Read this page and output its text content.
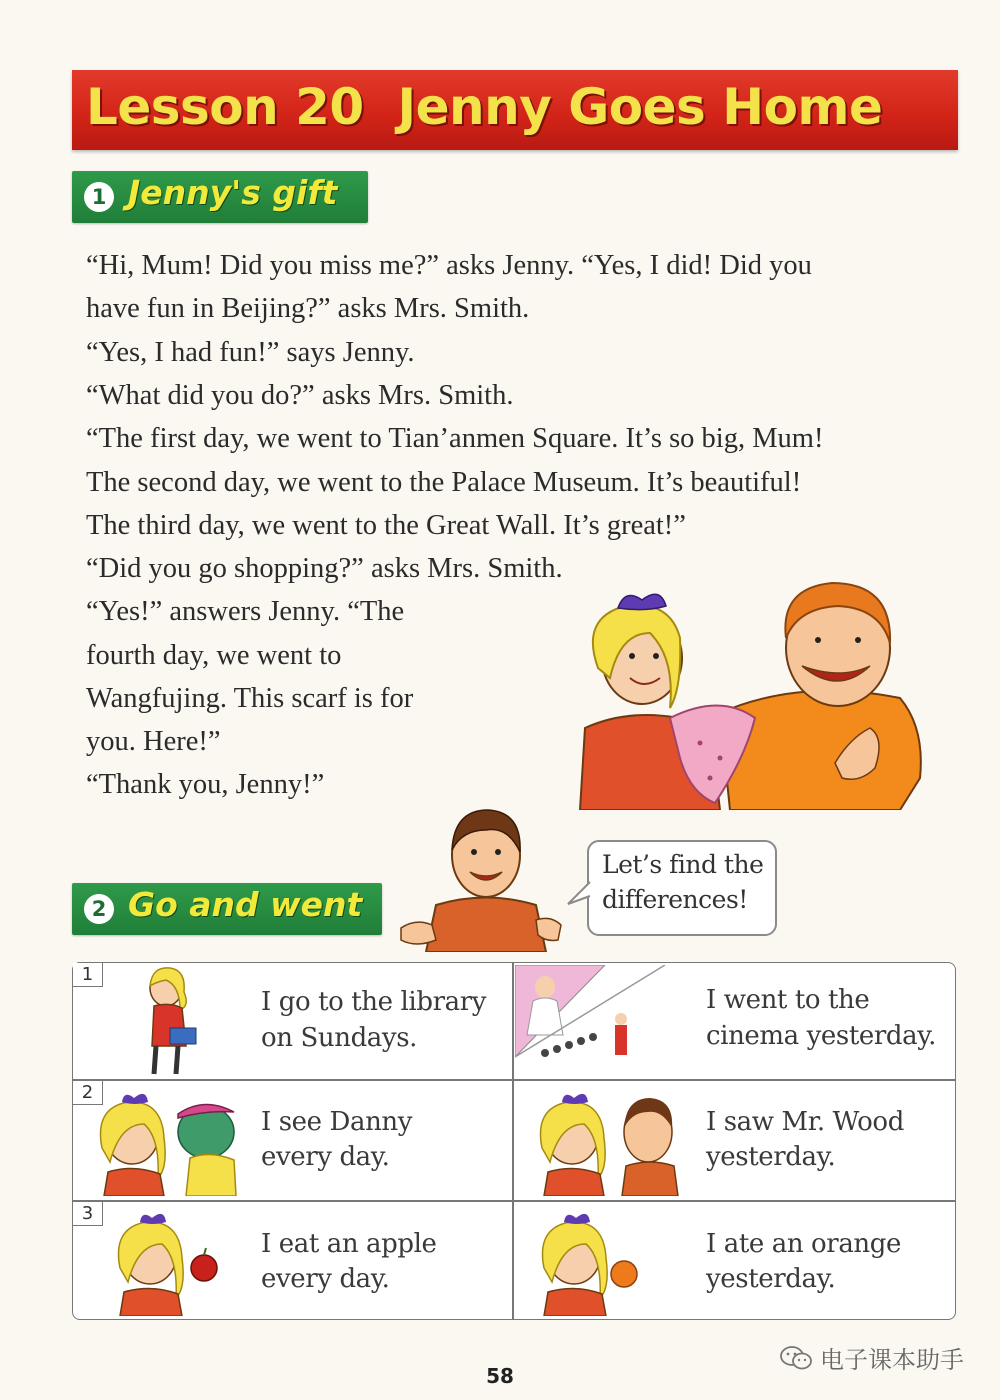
Lesson 20  Jenny Goes Home
1 Jenny's gift
“Hi, Mum! Did you miss me?” asks Jenny. “Yes, I did! Did you
have fun in Beijing?” asks Mrs. Smith.
“Yes, I had fun!” says Jenny.
“What did you do?” asks Mrs. Smith.
“The first day, we went to Tian’anmen Square. It’s so big, Mum!
The second day, we went to the Palace Museum. It’s beautiful!
The third day, we went to the Great Wall. It’s great!”
“Did you go shopping?” asks Mrs. Smith.
“Yes!” answers Jenny. “The
fourth day, we went to
Wangfujing. This scarf is for
you. Here!”
“Thank you, Jenny!”
2 Go and went
Let’s find the
differences!
1
2
3
I go to the library
on Sundays.
I went to the
cinema yesterday.
I see Danny
every day.
I saw Mr. Wood
yesterday.
I eat an apple
every day.
I ate an orange
yesterday.
58
电子课本助手
